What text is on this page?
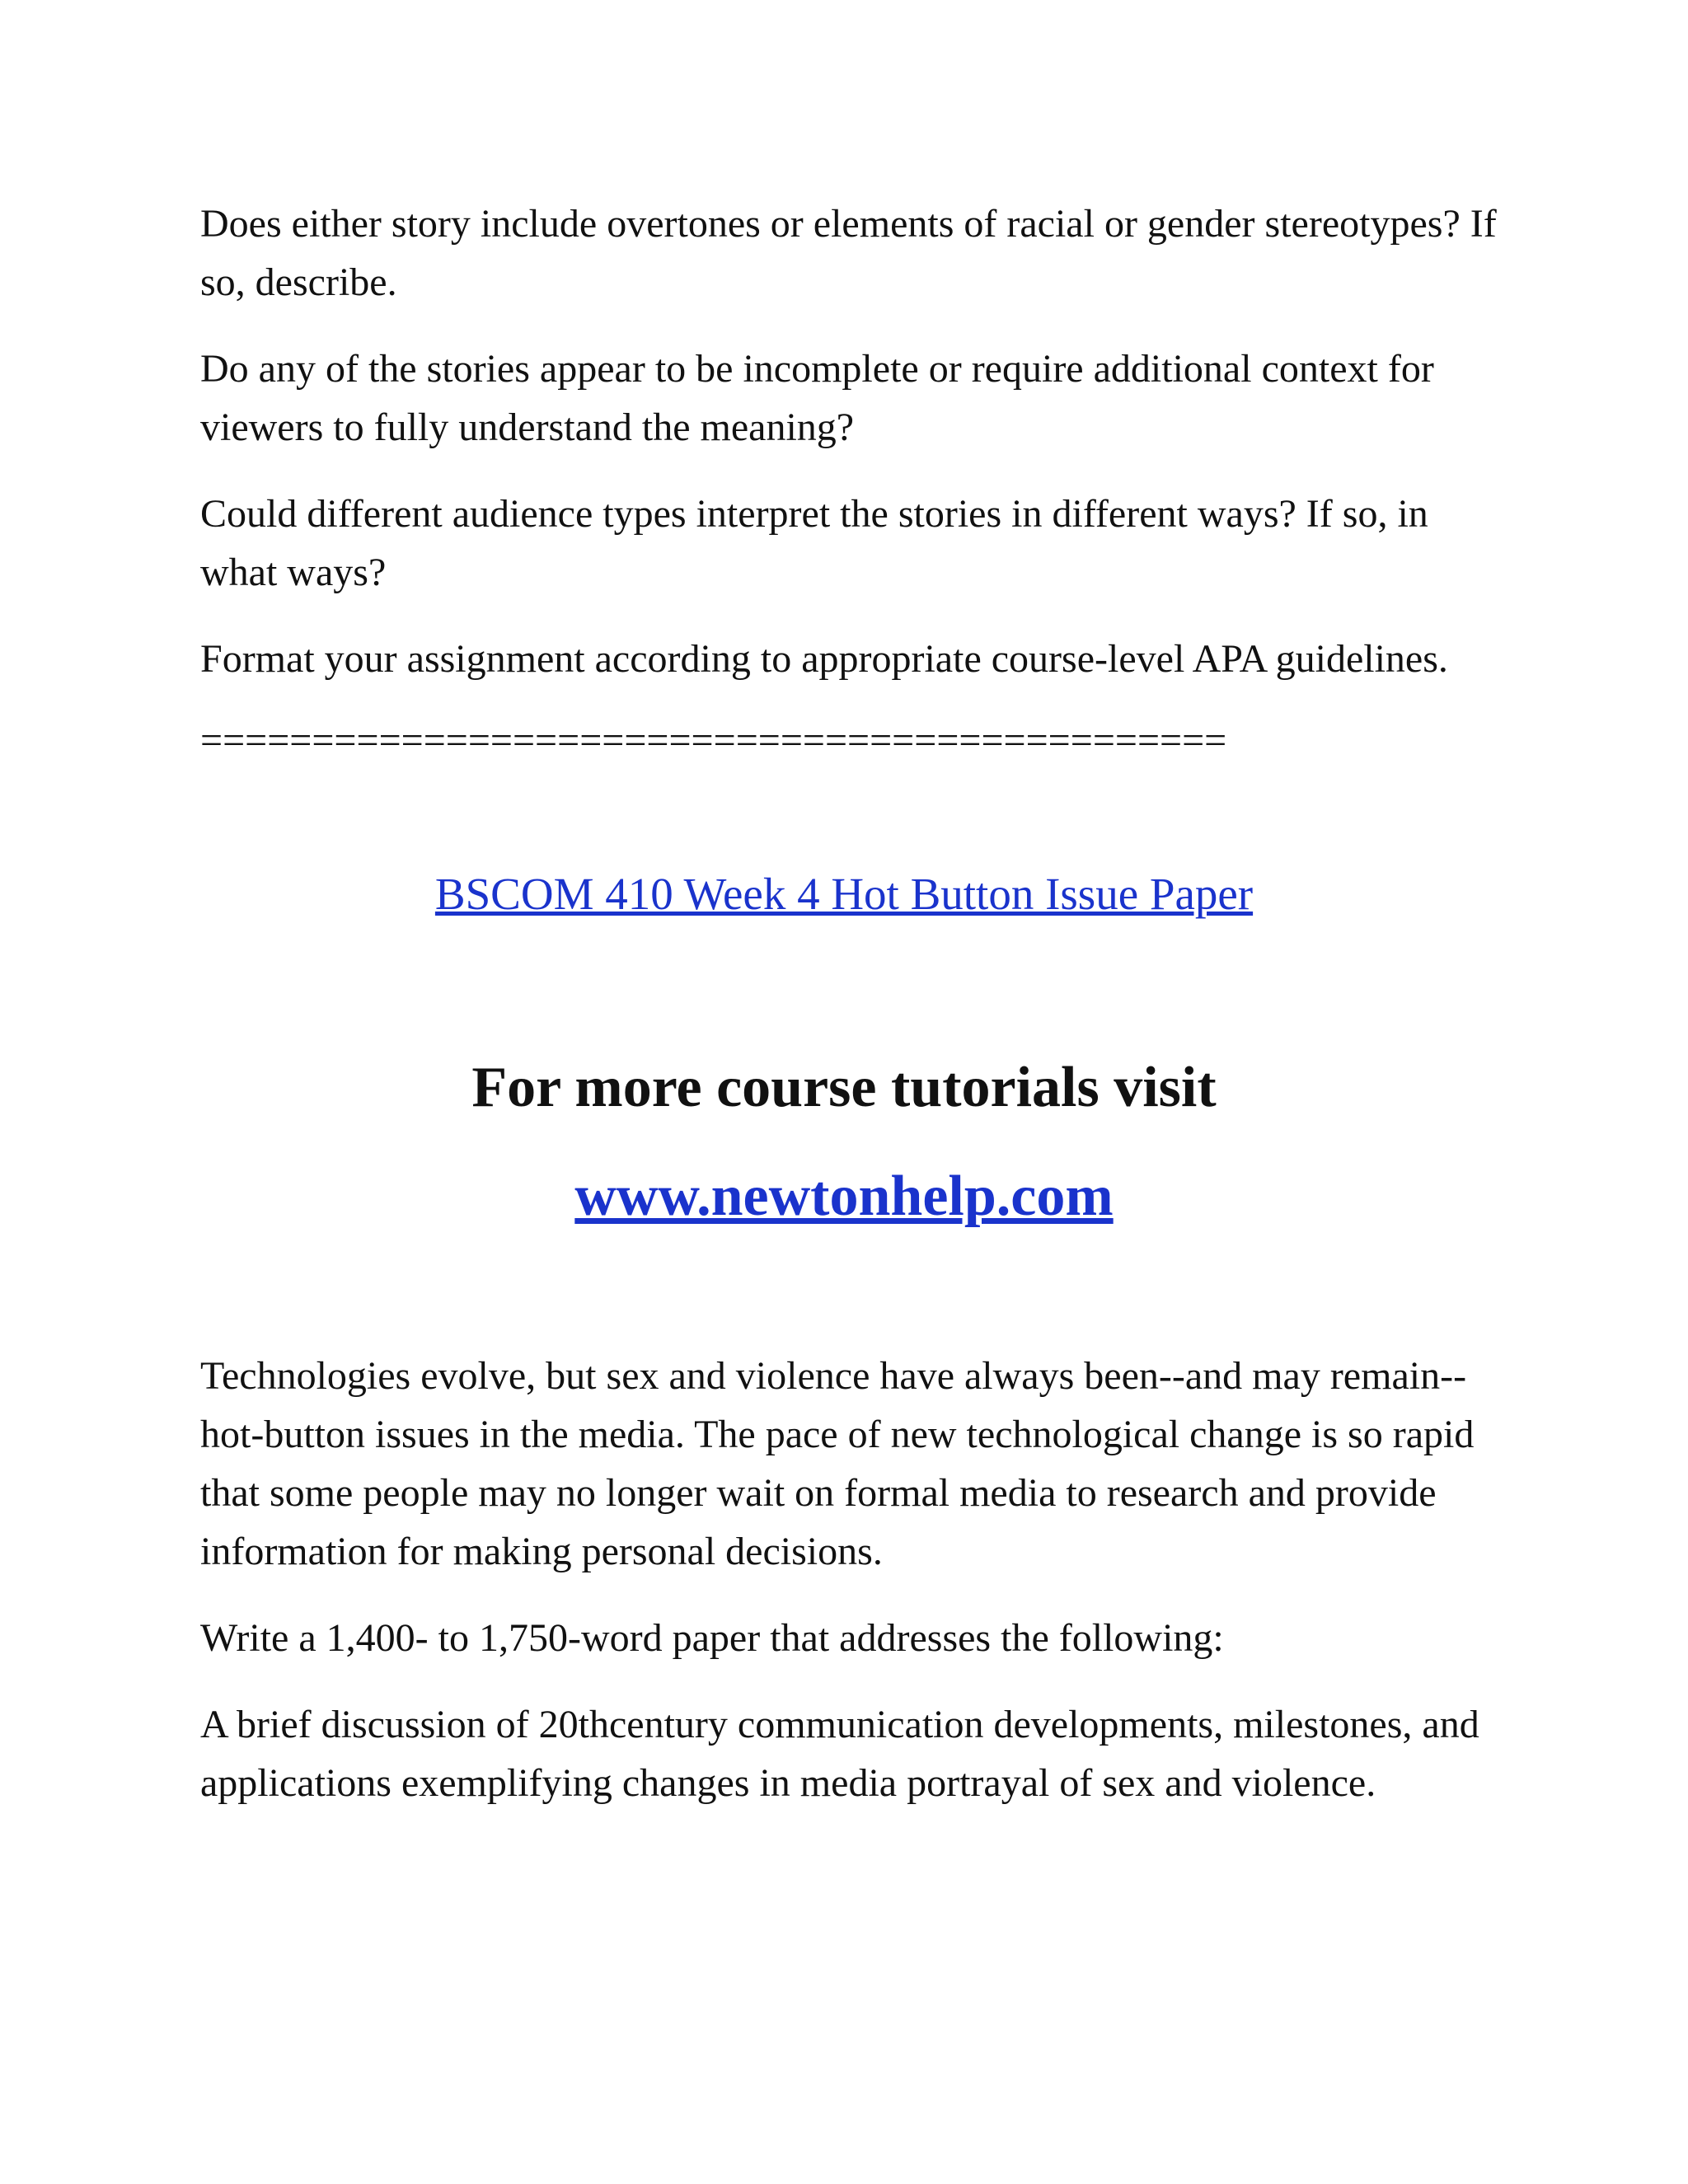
Does either story include overtones or elements of racial or gender stereotypes? If so, describe.

Do any of the stories appear to be incomplete or require additional context for viewers to fully understand the meaning?

Could different audience types interpret the stories in different ways? If so, in what ways?

Format your assignment according to appropriate course-level APA guidelines.

==============================================
BSCOM 410 Week 4 Hot Button Issue Paper
For more course tutorials visit
www.newtonhelp.com

Technologies evolve, but sex and violence have always been--and may remain--hot-button issues in the media. The pace of new technological change is so rapid that some people may no longer wait on formal media to research and provide information for making personal decisions.

Write a 1,400- to 1,750-word paper that addresses the following:

A brief discussion of 20thcentury communication developments, milestones, and applications exemplifying changes in media portrayal of sex and violence.
